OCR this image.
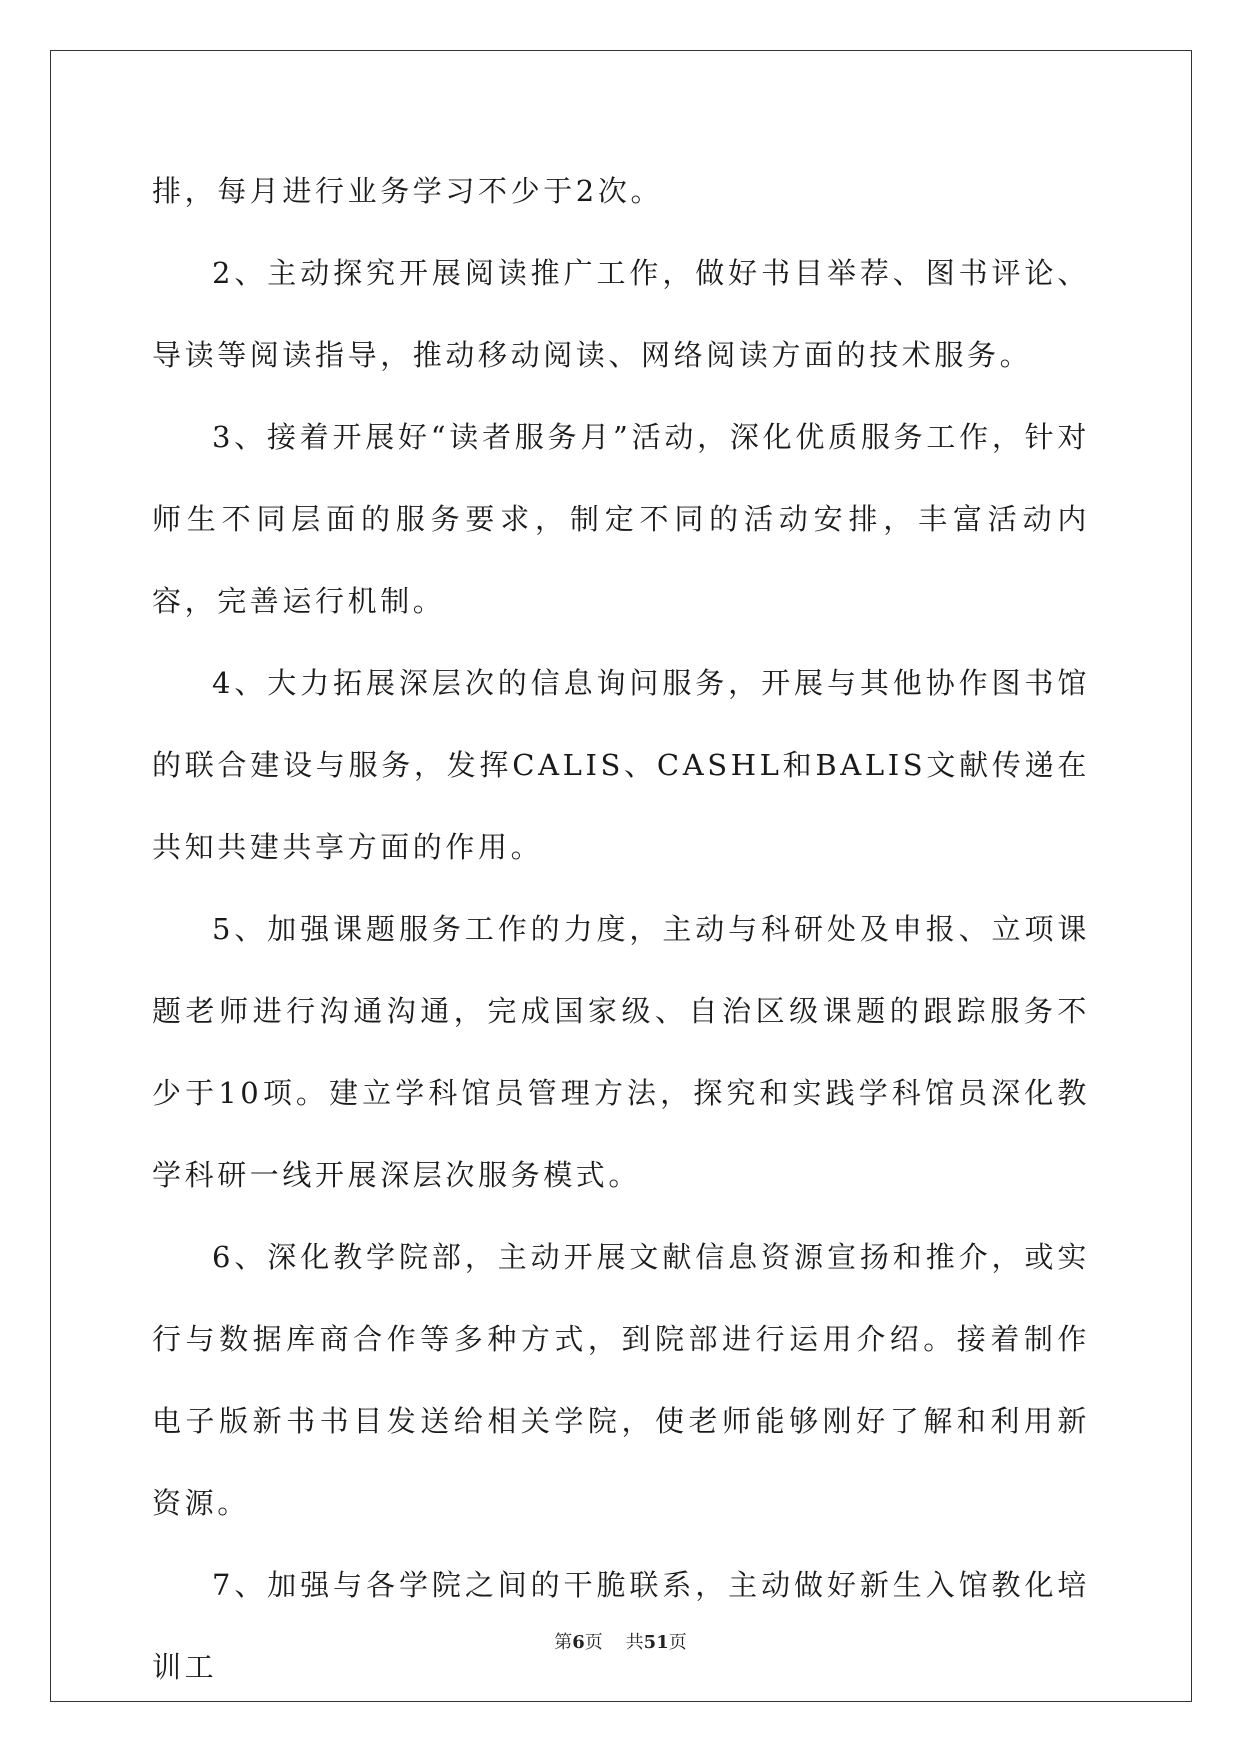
排，每月进行业务学习不少于2次。

2、主动探究开展阅读推广工作，做好书目举荐、图书评论、导读等阅读指导，推动移动阅读、网络阅读方面的技术服务。

3、接着开展好“读者服务月”活动，深化优质服务工作，针对师生不同层面的服务要求，制定不同的活动安排，丰富活动内容，完善运行机制。

4、大力拓展深层次的信息询问服务，开展与其他协作图书馆的联合建设与服务，发挥CALIS、CASHL和BALIS文献传递在共知共建共享方面的作用。

5、加强课题服务工作的力度，主动与科研处及申报、立项课题老师进行沟通沟通，完成国家级、自治区级课题的跟踪服务不少于10项。建立学科馆员管理方法，探究和实践学科馆员深化教学科研一线开展深层次服务模式。

6、深化教学院部，主动开展文献信息资源宣扬和推介，或实行与数据库商合作等多种方式，到院部进行运用介绍。接着制作电子版新书书目发送给相关学院，使老师能够刚好了解和利用新资源。

7、加强与各学院之间的干脆联系，主动做好新生入馆教化培训工

第6页 共51页
